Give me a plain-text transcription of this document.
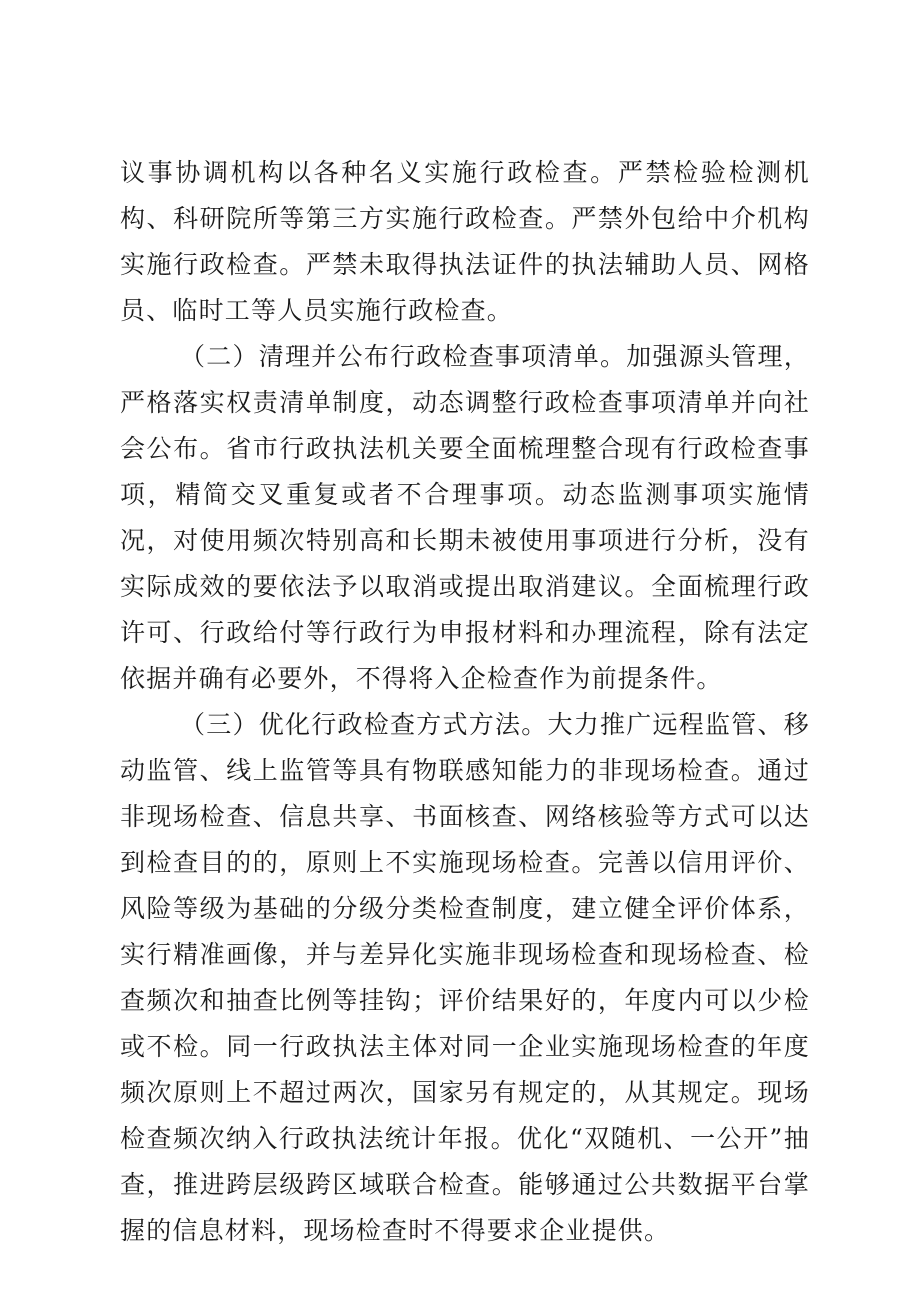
议事协调机构以各种名义实施行政检查。严禁检验检测机构、科研院所等第三方实施行政检查。严禁外包给中介机构实施行政检查。严禁未取得执法证件的执法辅助人员、网格员、临时工等人员实施行政检查。

（二）清理并公布行政检查事项清单。加强源头管理，严格落实权责清单制度，动态调整行政检查事项清单并向社会公布。省市行政执法机关要全面梳理整合现有行政检查事项，精简交叉重复或者不合理事项。动态监测事项实施情况，对使用频次特别高和长期未被使用事项进行分析，没有实际成效的要依法予以取消或提出取消建议。全面梳理行政许可、行政给付等行政行为申报材料和办理流程，除有法定依据并确有必要外，不得将入企检查作为前提条件。

（三）优化行政检查方式方法。大力推广远程监管、移动监管、线上监管等具有物联感知能力的非现场检查。通过非现场检查、信息共享、书面核查、网络核验等方式可以达到检查目的的，原则上不实施现场检查。完善以信用评价、风险等级为基础的分级分类检查制度，建立健全评价体系，实行精准画像，并与差异化实施非现场检查和现场检查、检查频次和抽查比例等挂钩；评价结果好的，年度内可以少检或不检。同一行政执法主体对同一企业实施现场检查的年度频次原则上不超过两次，国家另有规定的，从其规定。现场检查频次纳入行政执法统计年报。优化“双随机、一公开”抽查，推进跨层级跨区域联合检查。能够通过公共数据平台掌握的信息材料，现场检查时不得要求企业提供。
